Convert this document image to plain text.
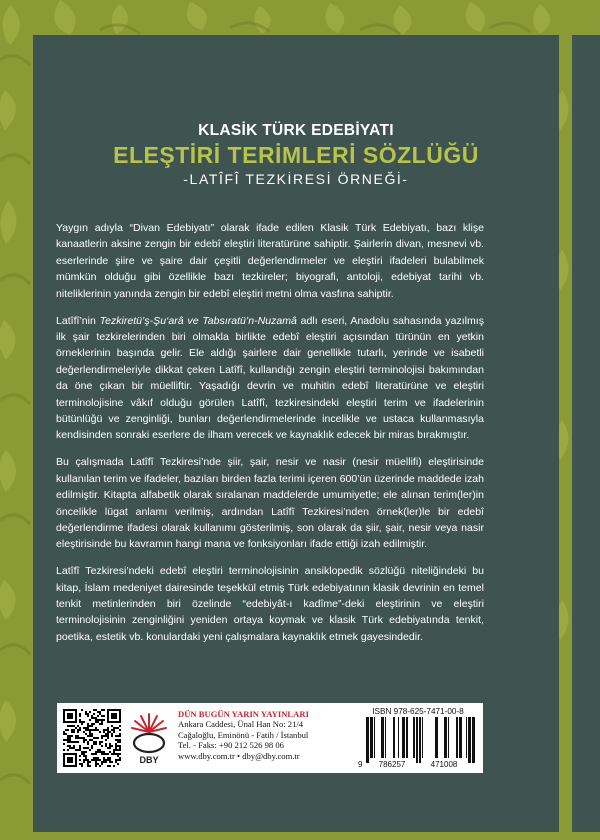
KLASİK TÜRK EDEBİYATI
ELEŞTİRİ TERİMLERİ SÖZLÜĞÜ
-LATÎFÎ TEZKİRESİ ÖRNEĞİ-

Yaygın adıyla “Divan Edebiyatı” olarak ifade edilen Klasik Türk Edebiyatı, bazı klişe kanaatlerin aksine zengin bir edebî eleştiri literatürüne sahiptir. Şairlerin divan, mesnevi vb. eserlerinde şiire ve şaire dair çeşitli değerlendirmeler ve eleştiri ifadeleri bulabilmek mümkün olduğu gibi özellikle bazı tezkireler; biyografi, antoloji, edebiyat tarihi vb. niteliklerinin yanında zengin bir edebî eleştiri metni olma vasfına sahiptir.

Latîfî’nin Tezkiretü’ş-Şu‘arâ ve Tabsıratü’n-Nuzamâ adlı eseri, Anadolu sahasında yazılmış ilk şair tezkirelerinden biri olmakla birlikte edebî eleştiri açısından türünün en yetkin örneklerinin başında gelir. Ele aldığı şairlere dair genellikle tutarlı, yerinde ve isabetli değerlendirmeleriyle dikkat çeken Latîfî, kullandığı zengin eleştiri terminolojisi bakımından da öne çıkan bir müelliftir. Yaşadığı devrin ve muhitin edebî literatürüne ve eleştiri terminolojisine vâkıf olduğu görülen Latîfî, tezkiresindeki eleştiri terim ve ifadelerinin bütünlüğü ve zenginliği, bunları değerlendirmelerinde incelikle ve ustaca kullanmasıyla kendisinden sonraki eserlere de ilham verecek ve kaynaklık edecek bir miras bırakmıştır.

Bu çalışmada Latîfî Tezkiresi’nde şiir, şair, nesir ve nasir (nesir müellifi) eleştirisinde kullanılan terim ve ifadeler, bazıları birden fazla terimi içeren 600’ün üzerinde maddede izah edilmiştir. Kitapta alfabetik olarak sıralanan maddelerde umumiyetle; ele alınan terim(ler)in öncelikle lügat anlamı verilmiş, ardından Latîfî Tezkiresi’nden örnek(ler)le bir edebî değerlendirme ifadesi olarak kullanımı gösterilmiş, son olarak da şiir, şair, nesir veya nasir eleştirisinde bu kavramın hangi mana ve fonksiyonları ifade ettiği izah edilmiştir.

Latîfî Tezkiresi’ndeki edebî eleştiri terminolojisinin ansiklopedik sözlüğü niteliğindeki bu kitap, İslam medeniyet dairesinde teşekkül etmiş Türk edebiyatının klasik devrinin en temel tenkit metinlerinden biri özelinde “edebiyât-ı kadîme”-deki eleştirinin ve eleştiri terminolojisinin zenginliğini yeniden ortaya koymak ve klasik Türk edebiyatında tenkit, poetika, estetik vb. konulardaki yeni çalışmalara kaynaklık etmek gayesindedir.

DBY
DÜN BUGÜN YARIN YAYINLARI
Ankara Caddesi, Ünal Han No: 21/4
Cağaloğlu, Eminönü - Fatih / İstanbul
Tel. - Faks: +90 212 526 98 06
www.dby.com.tr • dby@dby.com.tr
ISBN 978-625-7471-00-8
9 786257	471008
